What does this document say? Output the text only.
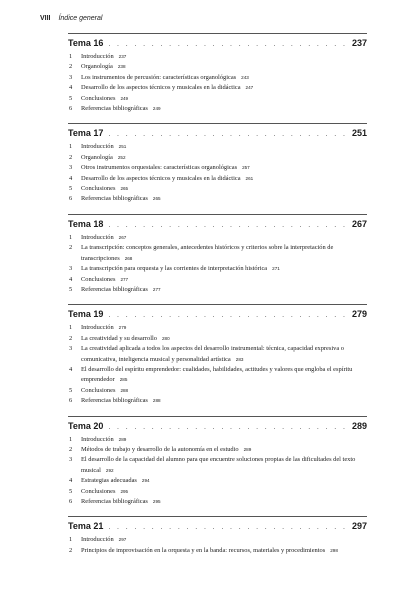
VIII Índice general
Tema 16 . . .	237
1	Introducción 237
2	Organología 238
3	Los instrumentos de percusión: características organológicas 243
4	Desarrollo de los aspectos técnicos y musicales en la didáctica 247
5	Conclusiones 249
6	Referencias bibliográficas 249
Tema 17 . . .	251
1	Introducción 251
2	Organología 252
3	Otros instrumentos orquestales: características organológicas 257
4	Desarrollo de los aspectos técnicos y musicales en la didáctica 261
5	Conclusiones 265
6	Referencias bibliográficas 265
Tema 18 . . .	267
1	Introducción 267
2	La transcripción: conceptos generales, antecedentes históricos y criterios sobre la interpretación de transcripciones 268
3	La transcripción para orquesta y las corrientes de interpretación histórica 271
4	Conclusiones 277
5	Referencias bibliográficas 277
Tema 19 . . .	279
1	Introducción 279
2	La creatividad y su desarrollo 280
3	La creatividad aplicada a todos los aspectos del desarrollo instrumental: técnica, capacidad expresiva o comunicativa, inteligencia musical y personalidad artística 283
4	El desarrollo del espíritu emprendedor: cualidades, habilidades, actitudes y valores que engloba el espíritu emprendedor 285
5	Conclusiones 288
6	Referencias bibliográficas 288
Tema 20 . . .	289
1	Introducción 289
2	Métodos de trabajo y desarrollo de la autonomía en el estudio 289
3	El desarrollo de la capacidad del alumno para que encuentre soluciones propias de las dificultades del texto musical 292
4	Estrategias adecuadas 294
5	Conclusiones 295
6	Referencias bibliográficas 295
Tema 21 . . .	297
1	Introducción 297
2	Principios de improvisación en la orquesta y en la banda: recursos, materiales y procedimientos 298
